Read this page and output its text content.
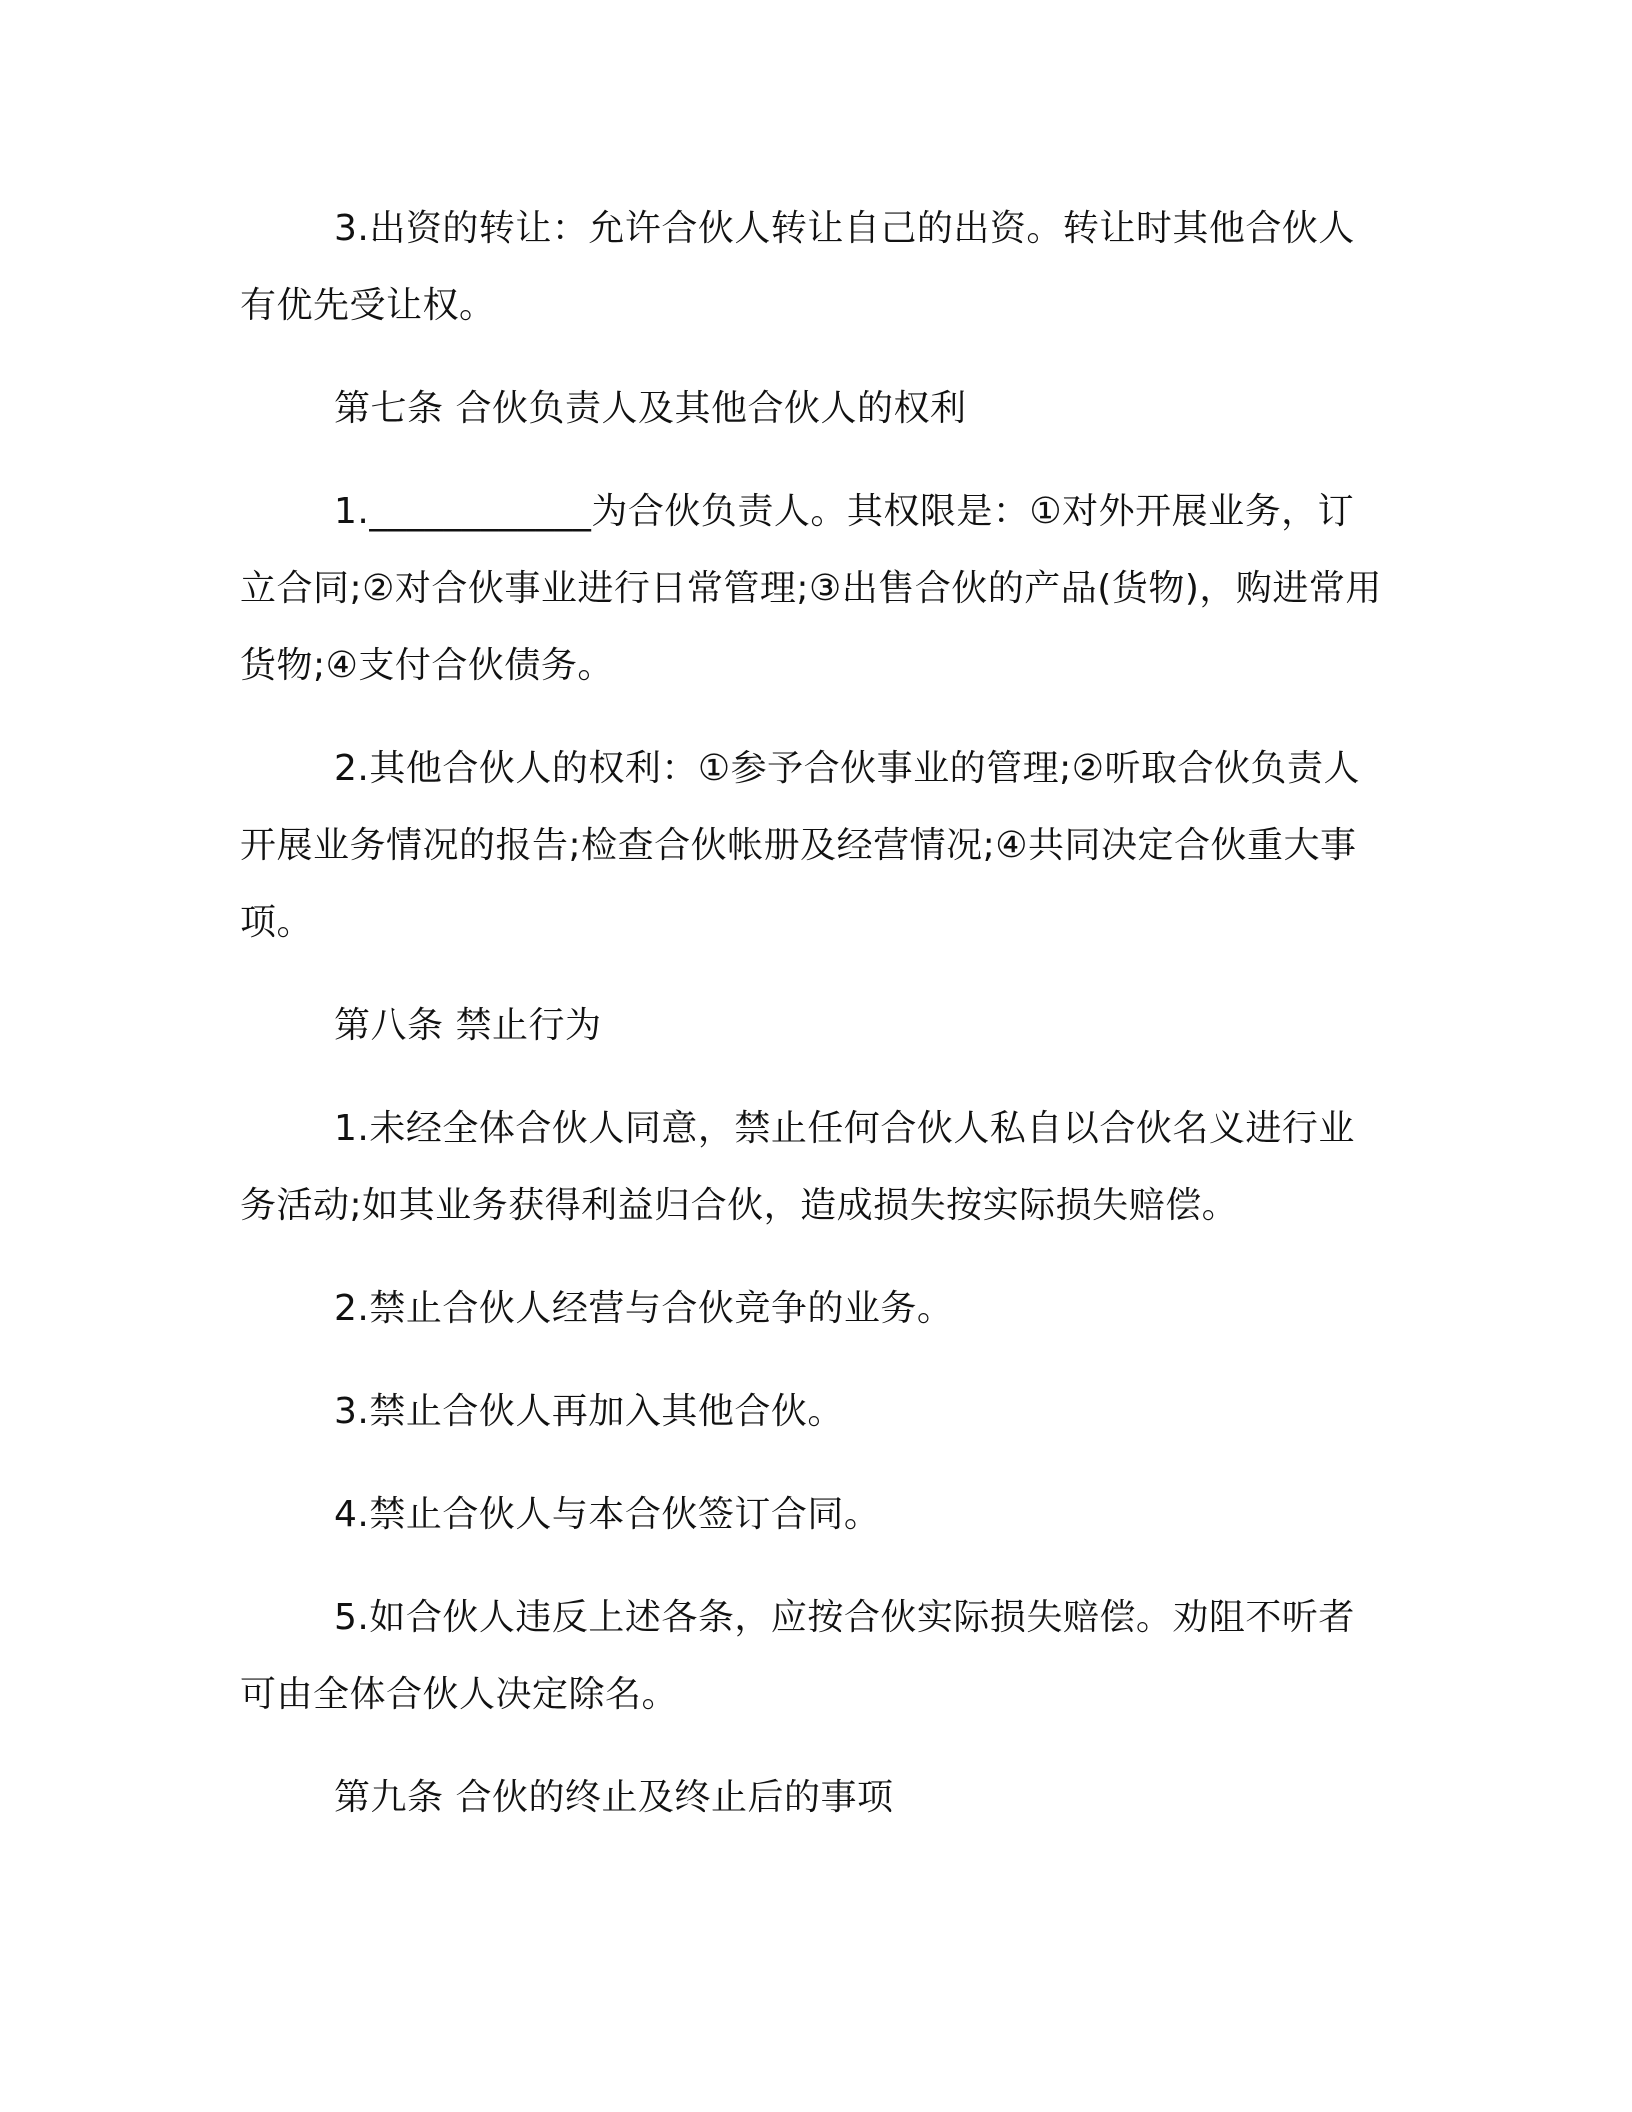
3.出资的转让：允许合伙人转让自己的出资。转让时其他合伙人有优先受让权。

第七条 合伙负责人及其他合伙人的权利

1.____________为合伙负责人。其权限是：①对外开展业务，订立合同;②对合伙事业进行日常管理;③出售合伙的产品(货物)，购进常用货物;④支付合伙债务。

2.其他合伙人的权利：①参予合伙事业的管理;②听取合伙负责人开展业务情况的报告;检查合伙帐册及经营情况;④共同决定合伙重大事项。

第八条 禁止行为

1.未经全体合伙人同意，禁止任何合伙人私自以合伙名义进行业务活动;如其业务获得利益归合伙，造成损失按实际损失赔偿。

2.禁止合伙人经营与合伙竞争的业务。

3.禁止合伙人再加入其他合伙。

4.禁止合伙人与本合伙签订合同。

5.如合伙人违反上述各条，应按合伙实际损失赔偿。劝阻不听者可由全体合伙人决定除名。

第九条 合伙的终止及终止后的事项
